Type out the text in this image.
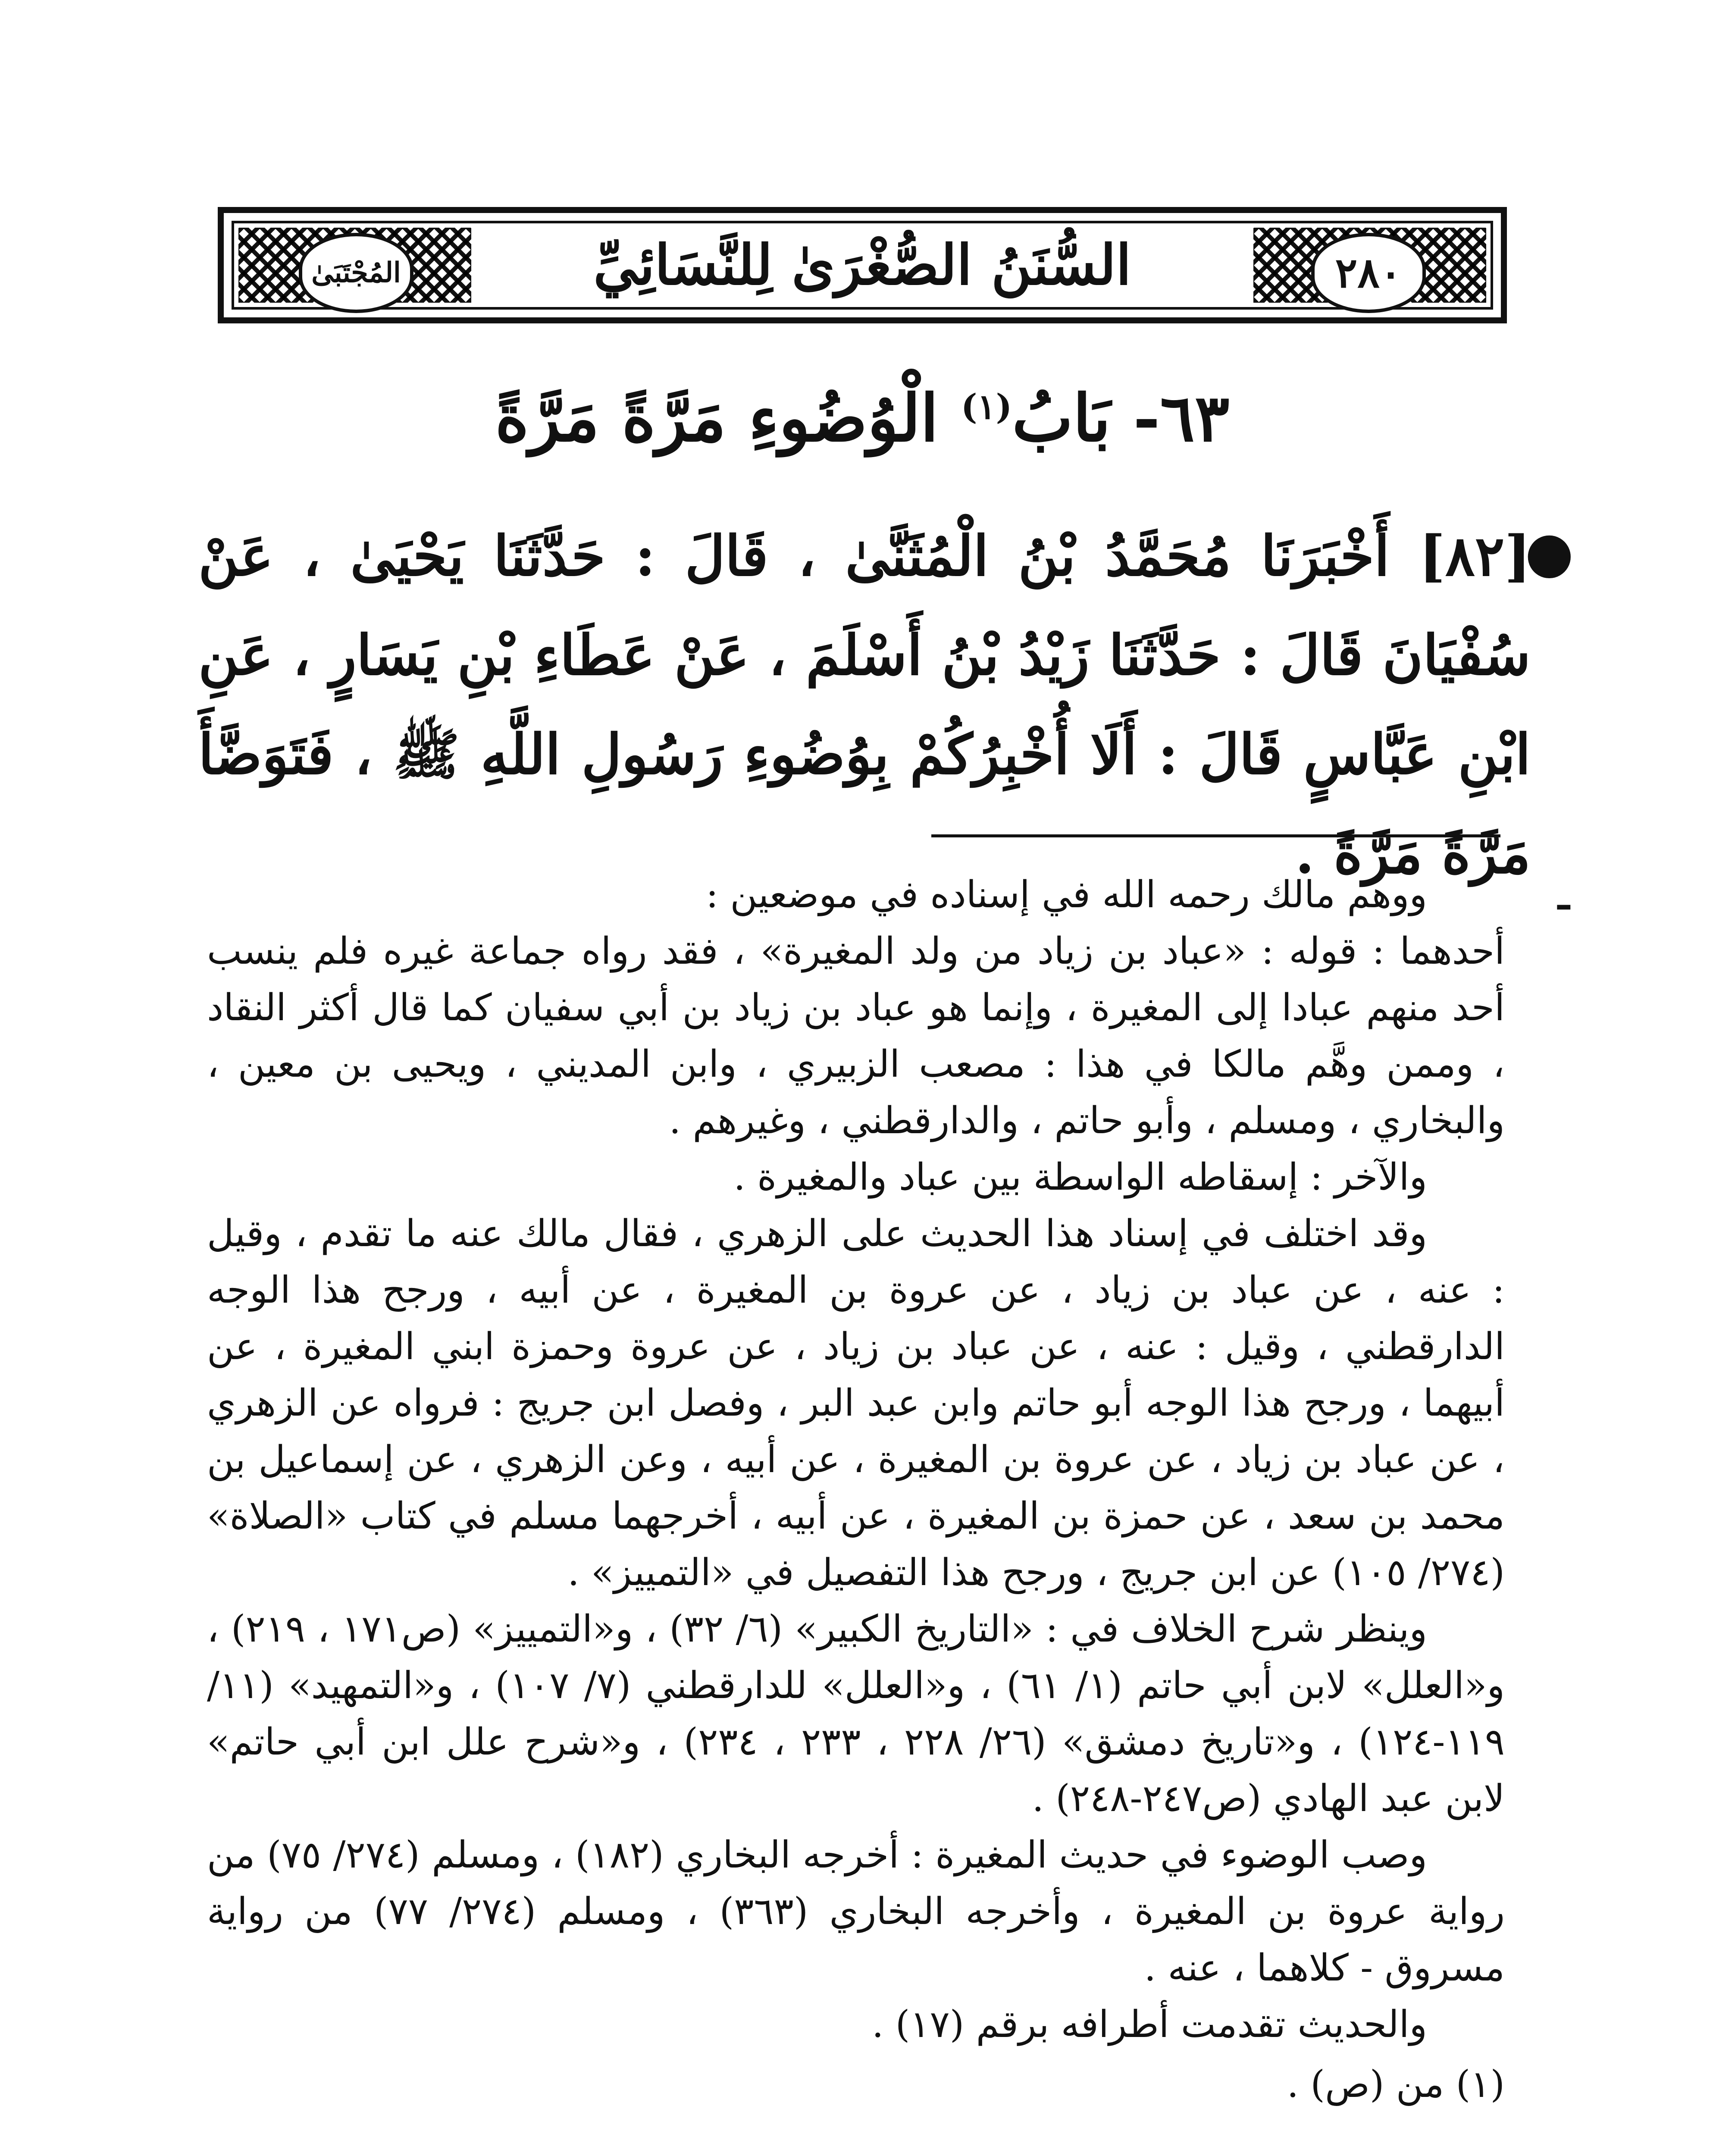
٢٨٠
المُجْتَبَىٰ	السُّنَنُ الصُّغْرَىٰ لِلنَّسَائِيِّ
٦٣- بَابُ$^{(١)}$ الْوُضُوءِ مَرَّةً مَرَّةً
●
[٨٢] أَخْبَرَنَا مُحَمَّدُ بْنُ الْمُثَنَّىٰ ، قَالَ : حَدَّثَنَا يَحْيَىٰ ، عَنْ سُفْيَانَ قَالَ : حَدَّثَنَا زَيْدُ بْنُ أَسْلَمَ ، عَنْ عَطَاءِ بْنِ يَسَارٍ ، عَنِ ابْنِ عَبَّاسٍ قَالَ : أَلَا أُخْبِرُكُمْ بِوُضُوءِ رَسُولِ اللَّهِ ﷺ ، فَتَوَضَّأَ مَرَّةً مَرَّةً .
ـ

ووهم مالك رحمه الله في إسناده في موضعين :

أحدهما : قوله : «عباد بن زياد من ولد المغيرة» ، فقد رواه جماعة غيره فلم ينسب أحد منهم عبادا إلى المغيرة ، وإنما هو عباد بن زياد بن أبي سفيان كما قال أكثر النقاد ، وممن وهَّم مالكا في هذا : مصعب الزبيري ، وابن المديني ، ويحيى بن معين ، والبخاري ، ومسلم ، وأبو حاتم ، والدارقطني ، وغيرهم .

والآخر : إسقاطه الواسطة بين عباد والمغيرة .

وقد اختلف في إسناد هذا الحديث على الزهري ، فقال مالك عنه ما تقدم ، وقيل : عنه ، عن عباد بن زياد ، عن عروة بن المغيرة ، عن أبيه ، ورجح هذا الوجه الدارقطني ، وقيل : عنه ، عن عباد بن زياد ، عن عروة وحمزة ابني المغيرة ، عن أبيهما ، ورجح هذا الوجه أبو حاتم وابن عبد البر ، وفصل ابن جريج : فرواه عن الزهري ، عن عباد بن زياد ، عن عروة بن المغيرة ، عن أبيه ، وعن الزهري ، عن إسماعيل بن محمد بن سعد ، عن حمزة بن المغيرة ، عن أبيه ، أخرجهما مسلم في كتاب «الصلاة» (٢٧٤/ ١٠٥) عن ابن جريج ، ورجح هذا التفصيل في «التمييز» .

وينظر شرح الخلاف في : «التاريخ الكبير» (٦/ ٣٢) ، و«التمييز» (ص١٧١ ، ٢١٩) ، و«العلل» لابن أبي حاتم (١/ ٦١) ، و«العلل» للدارقطني (٧/ ١٠٧) ، و«التمهيد» (١١/ ١١٩-١٢٤) ، و«تاريخ دمشق» (٢٦/ ٢٢٨ ، ٢٣٣ ، ٢٣٤) ، و«شرح علل ابن أبي حاتم» لابن عبد الهادي (ص٢٤٧-٢٤٨) .

وصب الوضوء في حديث المغيرة : أخرجه البخاري (١٨٢) ، ومسلم (٢٧٤/ ٧٥) من رواية عروة بن المغيرة ، وأخرجه البخاري (٣٦٣) ، ومسلم (٢٧٤/ ٧٧) من رواية مسروق - كلاهما ، عنه .

والحديث تقدمت أطرافه برقم (١٧) .

(١) من (ص) .
